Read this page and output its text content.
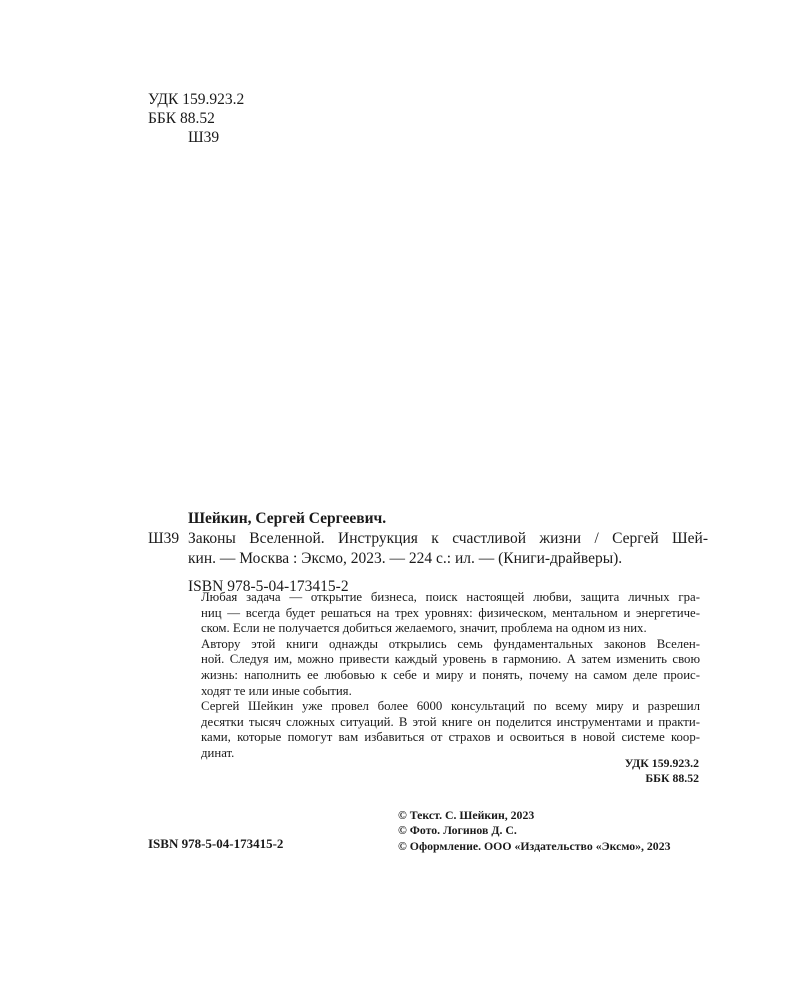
УДК 159.923.2
ББК 88.52
Ш39
Шейкин, Сергей Сергеевич.
Ш39 Законы Вселенной. Инструкция к счастливой жизни / Сергей Шей-
кин. — Москва : Эксмо, 2023. — 224 с.: ил. — (Книги-драйверы).
ISBN 978-5-04-173415-2

Любая задача — открытие бизнеса, поиск настоящей любви, защита личных гра-
ниц — всегда будет решаться на трех уровнях: физическом, ментальном и энергетиче-
ском. Если не получается добиться желаемого, значит, проблема на одном из них.

Автору этой книги однажды открылись семь фундаментальных законов Вселен-
ной. Следуя им, можно привести каждый уровень в гармонию. А затем изменить свою
жизнь: наполнить ее любовью к себе и миру и понять, почему на самом деле проис-
ходят те или иные события.

Сергей Шейкин уже провел более 6000 консультаций по всему миру и разрешил
десятки тысяч сложных ситуаций. В этой книге он поделится инструментами и практи-
ками, которые помогут вам избавиться от страхов и освоиться в новой системе коор-
динат.

УДК 159.923.2
ББК 88.52
ISBN 978-5-04-173415-2
© Текст. С. Шейкин, 2023
© Фото. Логинов Д. С.
© Оформление. ООО «Издательство «Эксмо», 2023
